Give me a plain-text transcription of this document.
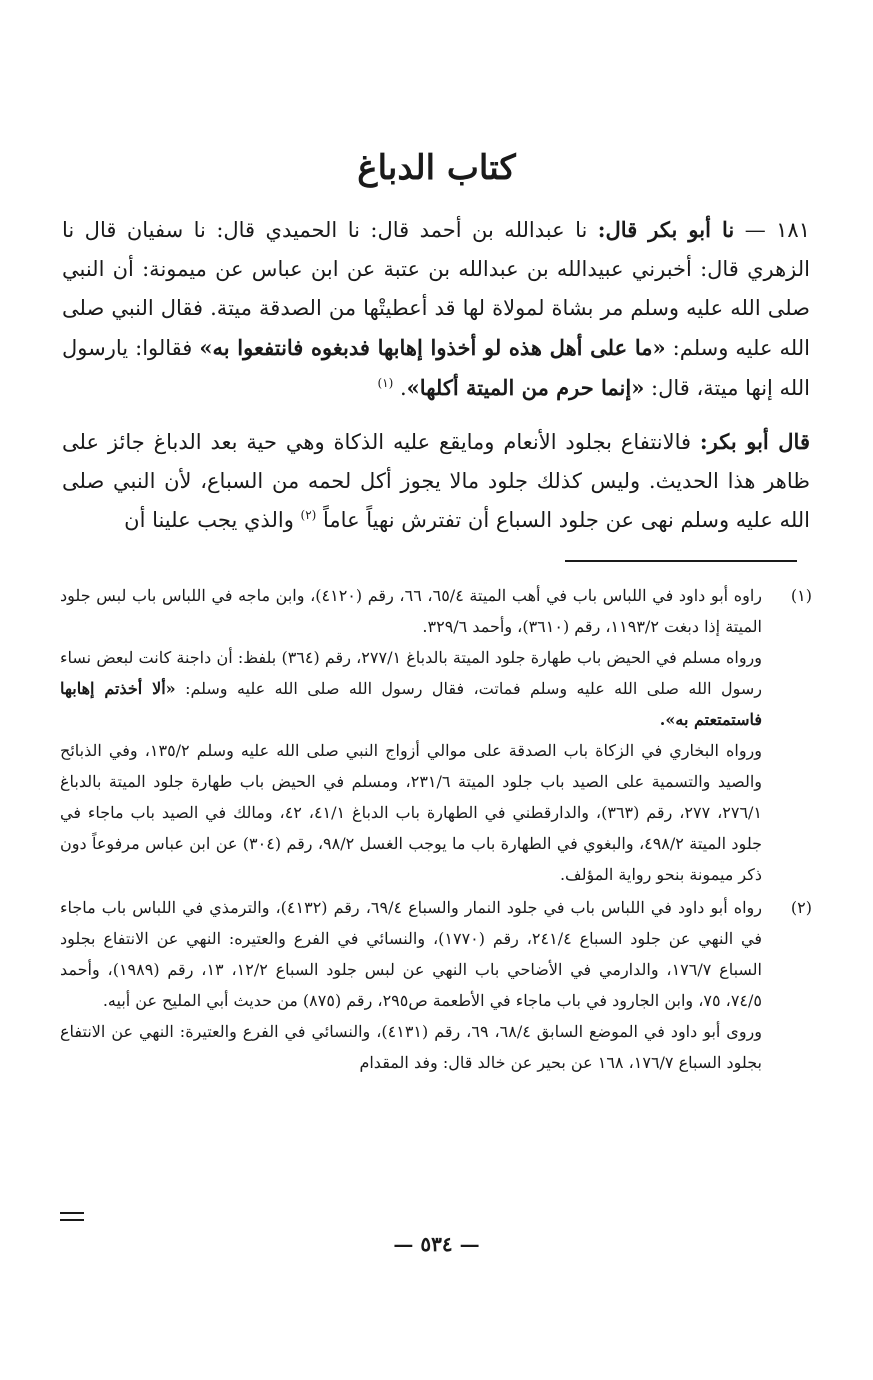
كتاب الدباغ

١٨١ — نا أبو بكر قال: نا عبدالله بن أحمد قال: نا الحميدي قال: نا سفيان قال نا الزهري قال: أخبرني عبيدالله بن عبدالله بن عتبة عن ابن عباس عن ميمونة: أن النبي صلى الله عليه وسلم مر بشاة لمولاة لها قد أعطيتْها من الصدقة ميتة. فقال النبي صلى الله عليه وسلم: «ما على أهل هذه لو أخذوا إهابها فدبغوه فانتفعوا به» فقالوا: يارسول الله إنها ميتة، قال: «إنما حرم من الميتة أكلها». $^{(١)}$

قال أبو بكر: فالانتفاع بجلود الأنعام ومايقع عليه الذكاة وهي حية بعد الدباغ جائز على ظاهر هذا الحديث. وليس كذلك جلود مالا يجوز أكل لحمه من السباع، لأن النبي صلى الله عليه وسلم نهى عن جلود السباع أن تفترش نهياً عاماً $^{(٢)}$ والذي يجب علينا أن

(١)

راوه أبو داود في اللباس باب في أهب الميتة ٦٥/٤، ٦٦، رقم (٤١٢٠)، وابن ماجه في اللباس باب لبس جلود الميتة إذا دبغت ١١٩٣/٢، رقم (٣٦١٠)، وأحمد ٣٢٩/٦.

ورواه مسلم في الحيض باب طهارة جلود الميتة بالدباغ ٢٧٧/١، رقم (٣٦٤) بلفظ: أن داجنة كانت لبعض نساء رسول الله صلى الله عليه وسلم فماتت، فقال رسول الله صلى الله عليه وسلم: «ألا أخذتم إهابها فاستمتعتم به».

ورواه البخاري في الزكاة باب الصدقة على موالي أزواج النبي صلى الله عليه وسلم ١٣٥/٢، وفي الذبائح والصيد والتسمية على الصيد باب جلود الميتة ٢٣١/٦، ومسلم في الحيض باب طهارة جلود الميتة بالدباغ ٢٧٦/١، ٢٧٧، رقم (٣٦٣)، والدارقطني في الطهارة باب الدباغ ٤١/١، ٤٢، ومالك في الصيد باب ماجاء في جلود الميتة ٤٩٨/٢، والبغوي في الطهارة باب ما يوجب الغسل ٩٨/٢، رقم (٣٠٤) عن ابن عباس مرفوعاً دون ذكر ميمونة بنحو رواية المؤلف.

(٢)

رواه أبو داود في اللباس باب في جلود النمار والسباع ٦٩/٤، رقم (٤١٣٢)، والترمذي في اللباس باب ماجاء في النهي عن جلود السباع ٢٤١/٤، رقم (١٧٧٠)، والنسائي في الفرع والعتيره: النهي عن الانتفاع بجلود السباع ١٧٦/٧، والدارمي في الأضاحي باب النهي عن لبس جلود السباع ١٢/٢، ١٣، رقم (١٩٨٩)، وأحمد ٧٤/٥، ٧٥، وابن الجارود في باب ماجاء في الأطعمة ص٢٩٥، رقم (٨٧٥) من حديث أبي المليح عن أبيه.

وروى أبو داود في الموضع السابق ٦٨/٤، ٦٩، رقم (٤١٣١)، والنسائي في الفرع والعتيرة: النهي عن الانتفاع بجلود السباع ١٧٦/٧، ١٦٨ عن بحير عن خالد قال: وفد المقدام

— ٥٣٤ —
